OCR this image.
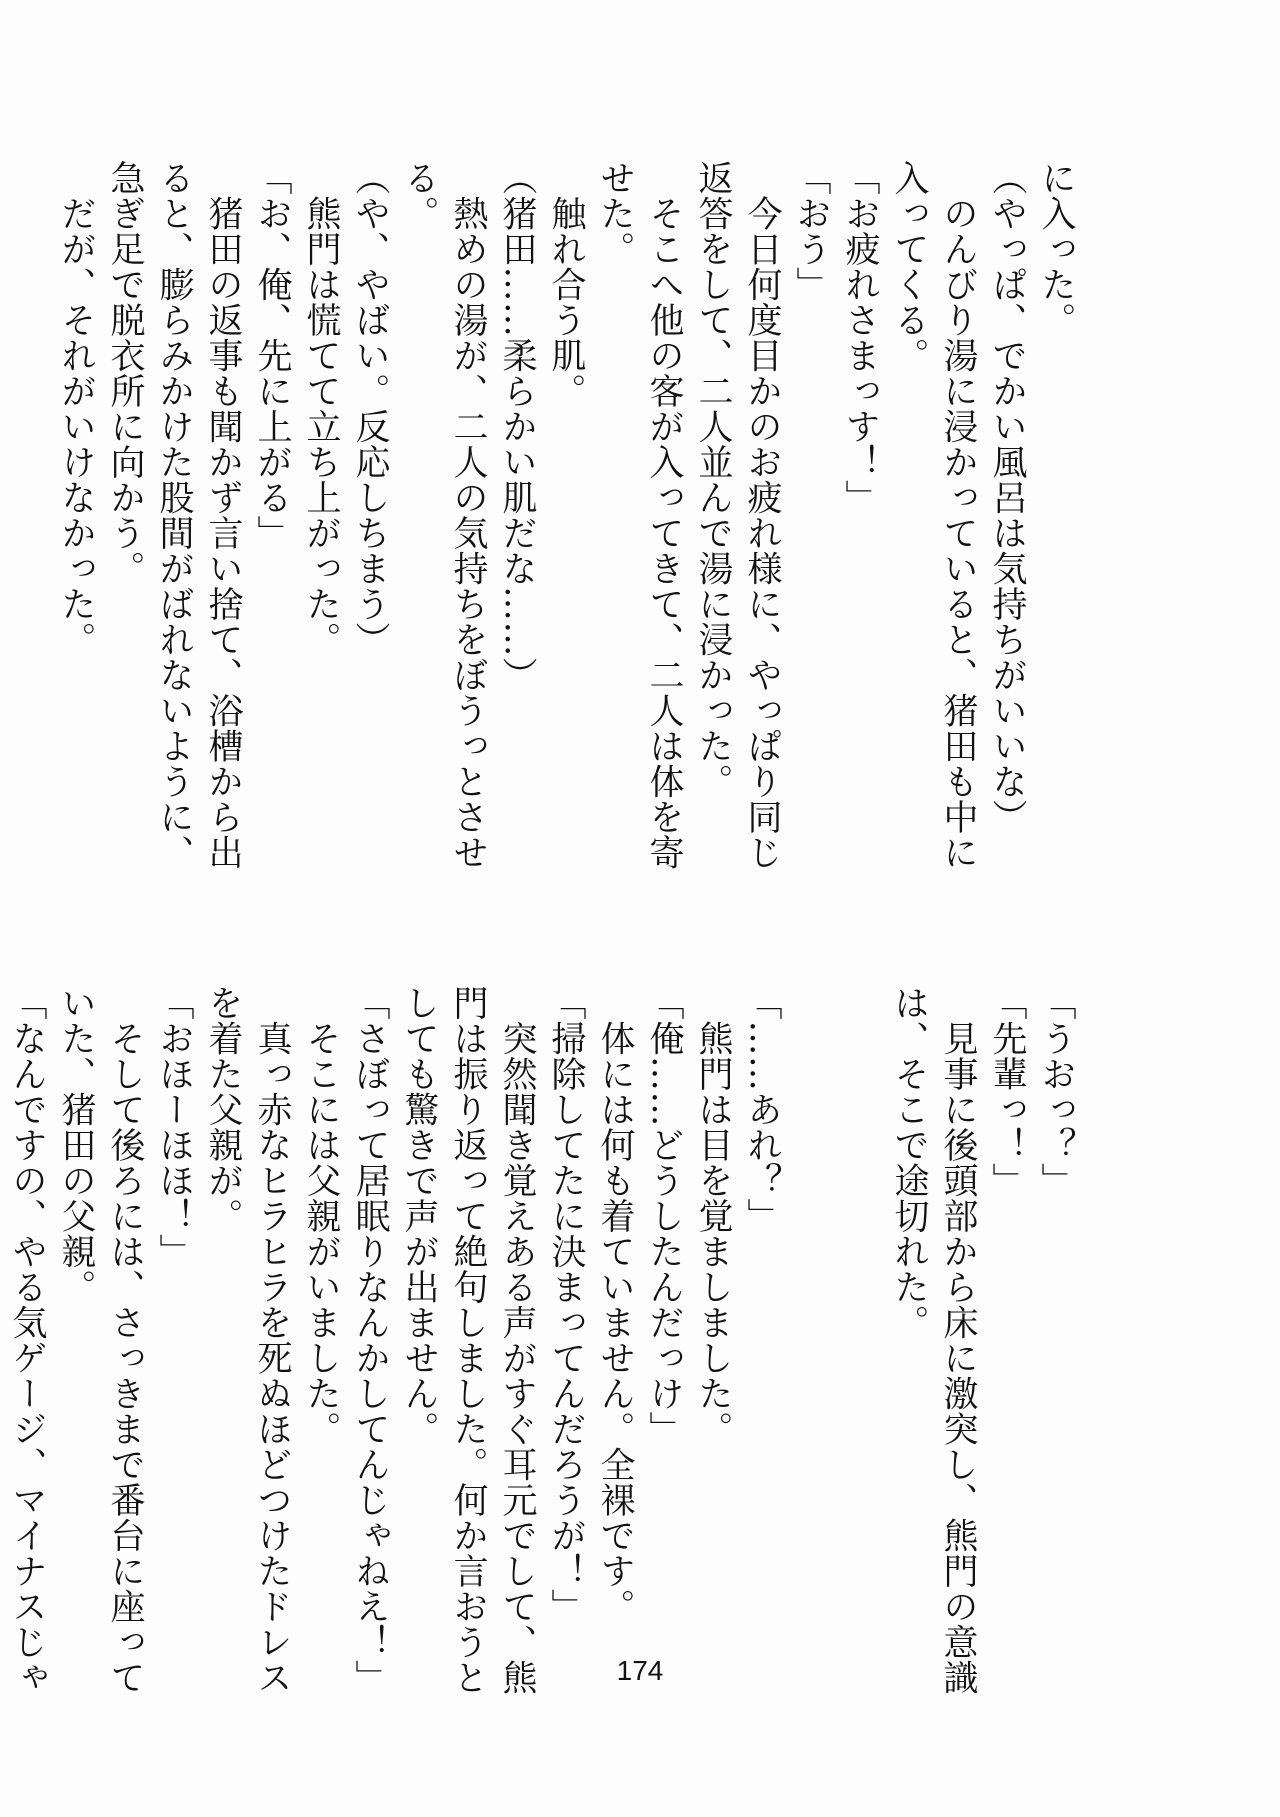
に入った。

（やっぱ、でかい風呂は気持ちがいいな）

　のんびり湯に浸かっていると、猪田も中に

入ってくる。

「お疲れさまっす！」

「おう」

　今日何度目かのお疲れ様に、やっぱり同じ

返答をして、二人並んで湯に浸かった。

　そこへ他の客が入ってきて、二人は体を寄

せた。

　触れ合う肌。

（猪田……柔らかい肌だな……）

　熱めの湯が、二人の気持ちをぼうっとさせ

る。

（や、やばい。反応しちまう）

　熊門は慌てて立ち上がった。

「お、俺、先に上がる」

　猪田の返事も聞かず言い捨て、浴槽から出

ると、膨らみかけた股間がばれないように、

急ぎ足で脱衣所に向かう。

　だが、それがいけなかった。

「うおっ？」

「先輩っ！」

　見事に後頭部から床に激突し、熊門の意識

は、そこで途切れた。

「……あれ？」

　熊門は目を覚ましました。

「俺……どうしたんだっけ」

　体には何も着ていません。全裸です。

「掃除してたに決まってんだろうが！」

　突然聞き覚えある声がすぐ耳元でして、熊

門は振り返って絶句しました。何か言おうと

しても驚きで声が出ません。

「さぼって居眠りなんかしてんじゃねえ！」

　そこには父親がいました。

　真っ赤なヒラヒラを死ぬほどつけたドレス

を着た父親が。

「おほーほほ！」

　そして後ろには、さっきまで番台に座って

いた、猪田の父親。

「なんですの、やる気ゲージ、マイナスじゃ	174
